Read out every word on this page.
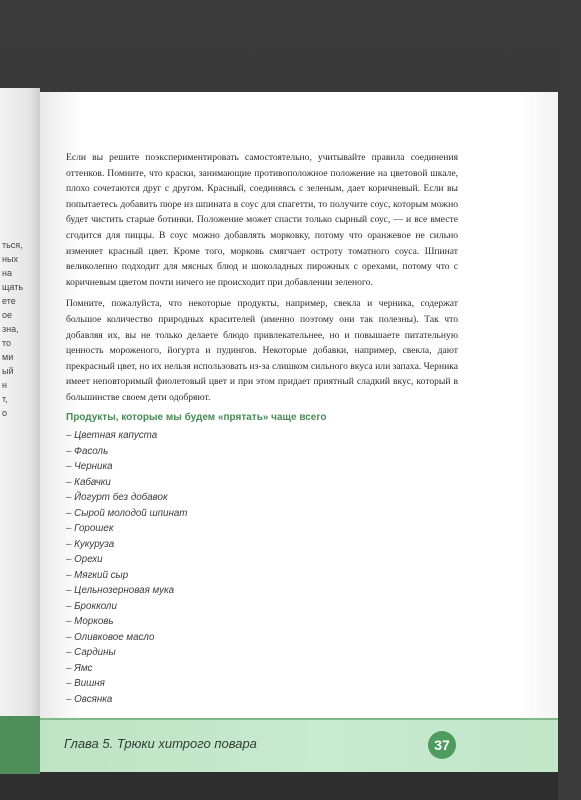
ться,
ных
на
щать
ете
ое
зна,
то
ми
ый
н
т,
о

Если вы решите поэкспериментировать самостоятельно, учитывайте правила соединения оттенков. Помните, что краски, занимающие противоположное положение на цветовой шкале, плохо сочетаются друг с другом. Красный, соединяясь с зеленым, дает коричневый. Если вы попытаетесь добавить пюре из шпината в соус для спагетти, то получите соус, которым можно будет чистить старые ботинки. Положение может спасти только сырный соус, — и все вместе сгодится для пиццы. В соус можно добавлять морковку, потому что оранжевое не сильно изменяет красный цвет. Кроме того, морковь смягчает остроту томатного соуса. Шпинат великолепно подходит для мясных блюд и шоколадных пирожных с орехами, потому что с коричневым цветом почти ничего не происходит при добавлении зеленого.

Помните, пожалуйста, что некоторые продукты, например, свекла и черника, содержат большое количество природных красителей (именно поэтому они так полезны). Так что добавляя их, вы не только делаете блюдо привлекательнее, но и повышаете питательную ценность мороженого, йогурта и пудингов. Некоторые добавки, например, свекла, дают прекрасный цвет, но их нельзя использовать из-за слишком сильного вкуса или запаха. Черника имеет неповторимый фиолетовый цвет и при этом придает приятный сладкий вкус, который в большинстве своем дети одобряют.

Продукты, которые мы будем «прятать» чаще всего
– Цветная капуста
– Фасоль
– Черника
– Кабачки
– Йогурт без добавок
– Сырой молодой шпинат
– Горошек
– Кукуруза
– Орехи
– Мягкий сыр
– Цельнозерновая мука
– Брокколи
– Морковь
– Оливковое масло
– Сардины
– Ямс
– Вишня
– Овсянка
Глава 5. Трюки хитрого повара	37
